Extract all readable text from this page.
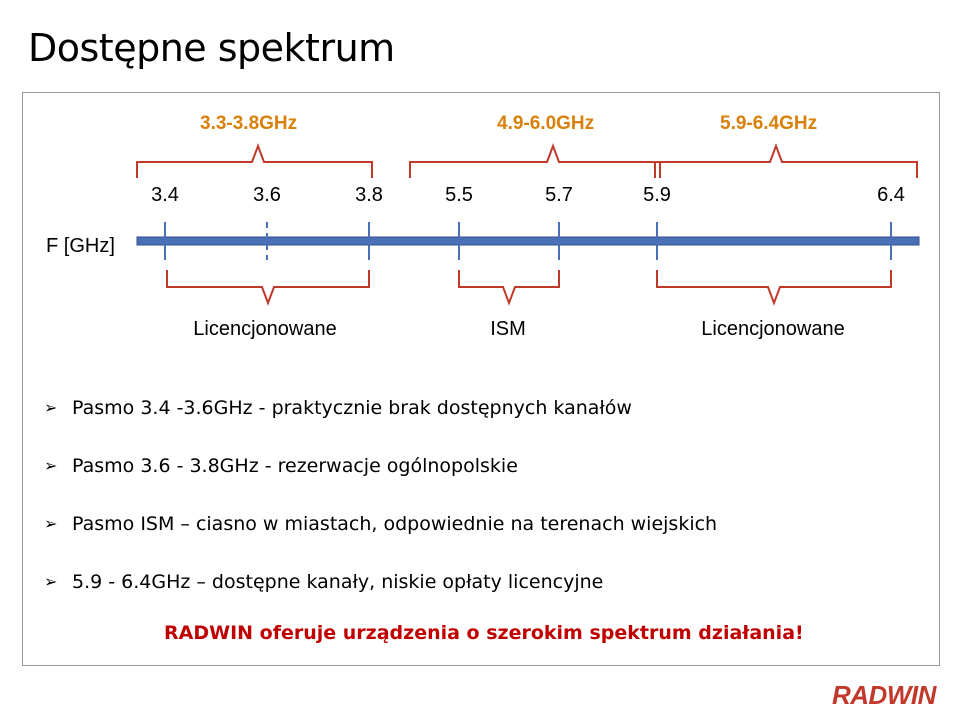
Dostępne spektrum
3.3-3.8GHz	4.9-6.0GHz	5.9-6.4GHz
3.4	3.6	3.8	5.5	5.7	5.9	6.4
F [GHz]
Licencjonowane	ISM	Licencjonowane
➢ Pasmo 3.4 -3.6GHz - praktycznie brak dostępnych kanałów
➢ Pasmo 3.6 - 3.8GHz - rezerwacje ogólnopolskie
➢ Pasmo ISM – ciasno w miastach, odpowiednie na terenach wiejskich
➢ 5.9 - 6.4GHz – dostępne kanały, niskie opłaty licencyjne
RADWIN oferuje urządzenia o szerokim spektrum działania!
RADWIN
